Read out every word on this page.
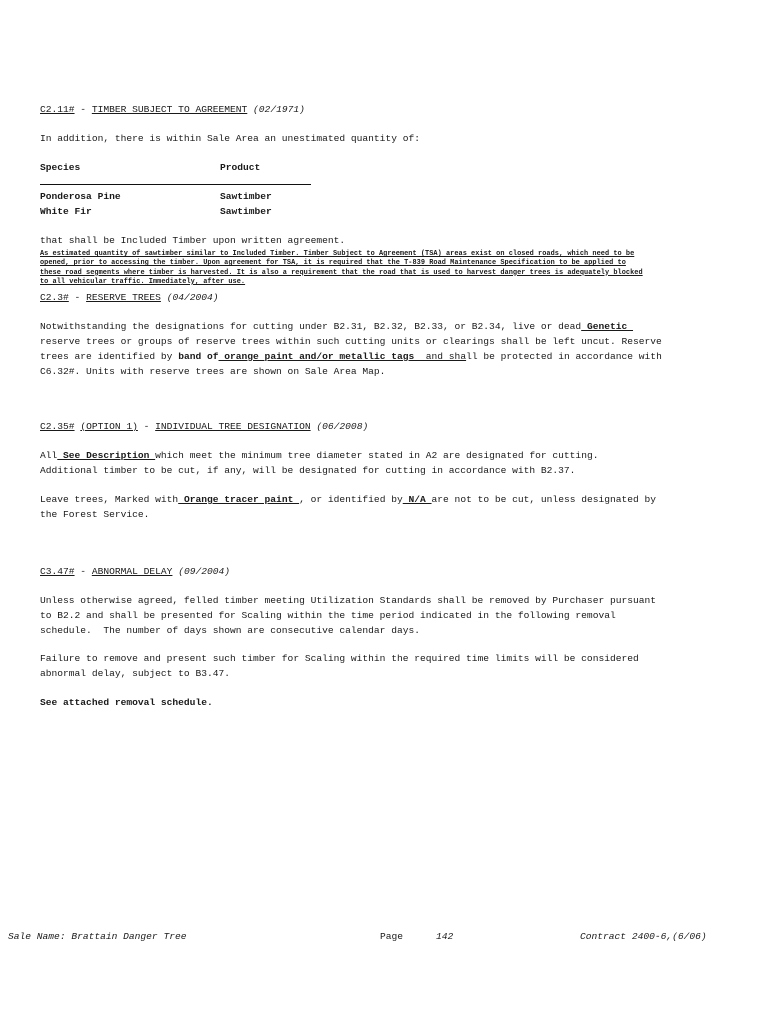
C2.11# - TIMBER SUBJECT TO AGREEMENT (02/1971)
In addition, there is within Sale Area an unestimated quantity of:
Species	Product
Ponderosa Pine	Sawtimber
White Fir	Sawtimber
that shall be Included Timber upon written agreement.
As estimated quantity of sawtimber similar to Included Timber. Timber Subject to Agreement (TSA) areas exist on closed roads, which need to be
opened, prior to accessing the timber. Upon agreement for TSA, it is required that the T-839 Road Maintenance Specification to be applied to
these road segments where timber is harvested. It is also a requirement that the road that is used to harvest danger trees is adequately blocked
to all vehicular traffic. Immediately, after use.
C2.3# - RESERVE TREES (04/2004)
Notwithstanding the designations for cutting under B2.31, B2.32, B2.33, or B2.34, live or dead Genetic
reserve trees or groups of reserve trees within such cutting units or clearings shall be left uncut. Reserve
trees are identified by band of orange paint and/or metallic tags  and shall be protected in accordance with
C6.32#. Units with reserve trees are shown on Sale Area Map.
C2.35# (OPTION 1) - INDIVIDUAL TREE DESIGNATION (06/2008)
All See Description which meet the minimum tree diameter stated in A2 are designated for cutting.
Additional timber to be cut, if any, will be designated for cutting in accordance with B2.37.
Leave trees, Marked with Orange tracer paint , or identified by N/A are not to be cut, unless designated by
the Forest Service.
C3.47# - ABNORMAL DELAY (09/2004)
Unless otherwise agreed, felled timber meeting Utilization Standards shall be removed by Purchaser pursuant
to B2.2 and shall be presented for Scaling within the time period indicated in the following removal
schedule.  The number of days shown are consecutive calendar days.
Failure to remove and present such timber for Scaling within the required time limits will be considered
abnormal delay, subject to B3.47.
See attached removal schedule.
Sale Name: Brattain Danger Tree	Page	142	Contract 2400-6,(6/06)
